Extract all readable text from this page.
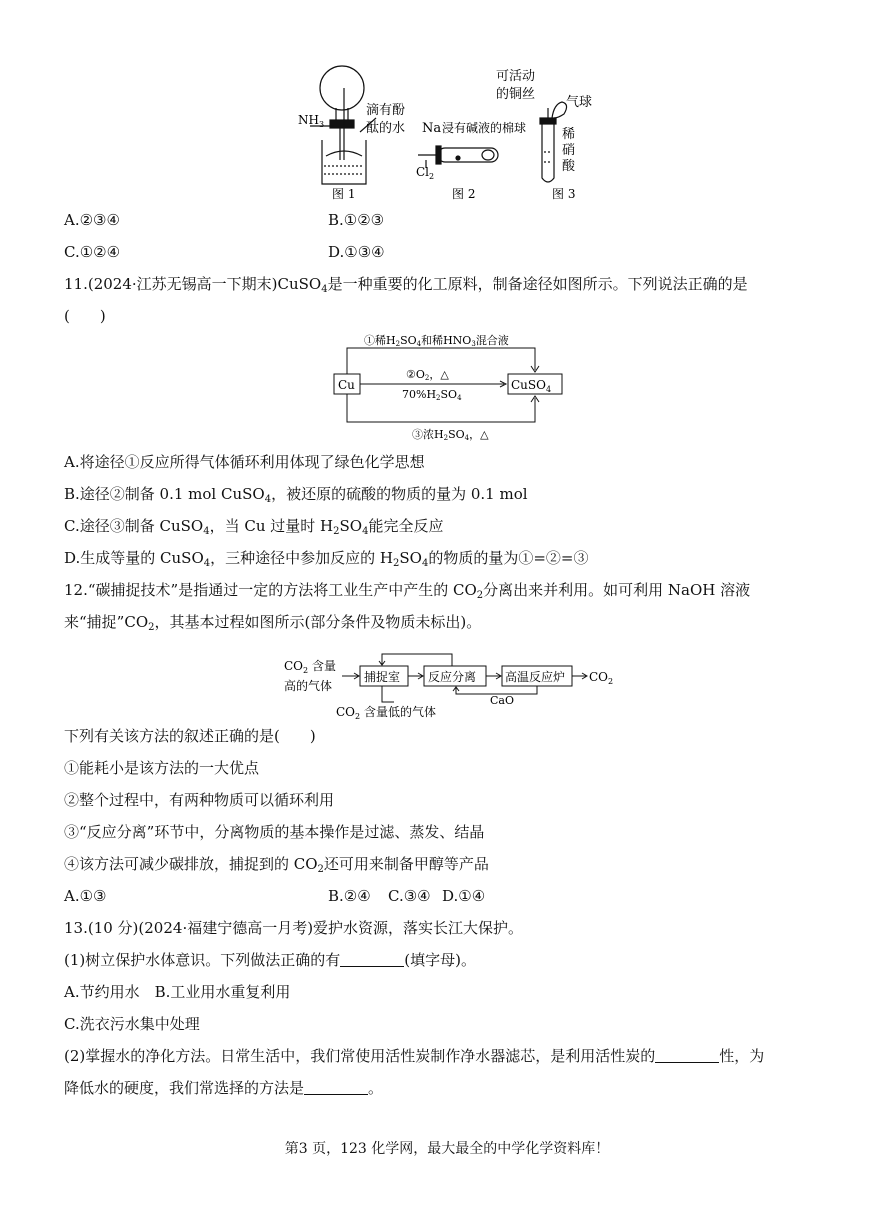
$NH_3$
滴有酚
酞的水
图 1
Na 浸有碱液的棉球
$Cl_2$
图 2
可活动
的铜丝
气球
稀
硝
酸
图 3
A.②③④	B.①②③
C.①②④	D.①③④
11.(2024·江苏无锡高一下期末)CuSO$_4$是一种重要的化工原料，制备途径如图所示。下列说法正确的是
(　　)
Cu	CuSO$_4$
①稀H2SO4和稀HNO3混合液
②O2，△
70%H2SO4
③浓H2SO4，△
A.将途径①反应所得气体循环利用体现了绿色化学思想
B.途径②制备 0.1 mol CuSO$_4$，被还原的硫酸的物质的量为 0.1 mol
C.途径③制备 CuSO$_4$，当 Cu 过量时 $H_2SO_4$能完全反应
D.生成等量的 CuSO$_4$，三种途径中参加反应的 $H_2SO_4$的物质的量为①=②=③
12.“碳捕捉技术”是指通过一定的方法将工业生产中产生的 $CO_2$分离出来并利用。如可利用 NaOH 溶液
来“捕捉$”CO_2$，其基本过程如图所示(部分条件及物质未标出)。
$CO_2$ 含量
高的气体
捕捉室 反应分离 高温反应炉 $CO_2$
CaO
$CO_2$ 含量低的气体
下列有关该方法的叙述正确的是(　　)
①能耗小是该方法的一大优点
②整个过程中，有两种物质可以循环利用
③“反应分离”环节中，分离物质的基本操作是过滤、蒸发、结晶
④该方法可减少碳排放，捕捉到的 $CO_2$还可用来制备甲醇等产品
A.①③	B.②④ C.③④ D.①④
13.(10 分)(2024·福建宁德高一月考)爱护水资源，落实长江大保护。
(1)树立保护水体意识。下列做法正确的有	(填字母)。
A.节约用水　B.工业用水重复利用
C.洗衣污水集中处理
(2)掌握水的净化方法。日常生活中，我们常使用活性炭制作净水器滤芯，是利用活性炭的	性，为
降低水的硬度，我们常选择的方法是	。
第3 页，123 化学网，最大最全的中学化学资料库！
